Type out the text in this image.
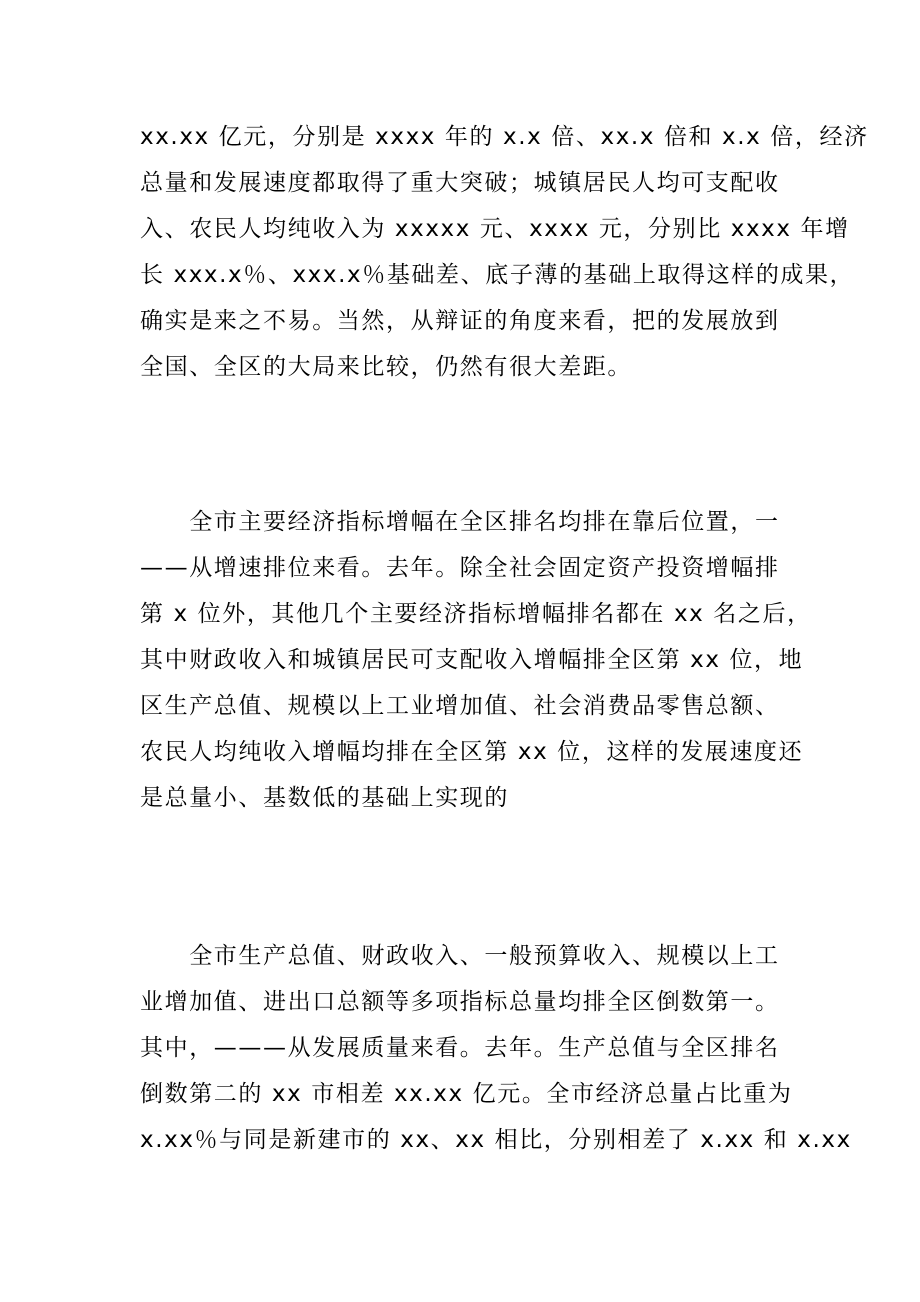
xx.xx 亿元，分别是 xxxx 年的 x.x 倍、xx.x 倍和 x.x 倍，经济
总量和发展速度都取得了重大突破；城镇居民人均可支配收
入、农民人均纯收入为 xxxxx 元、xxxx 元，分别比 xxxx 年增
长 xxx.x％、xxx.x％基础差、底子薄的基础上取得这样的成果，
确实是来之不易。当然，从辩证的角度来看，把的发展放到
全国、全区的大局来比较，仍然有很大差距。
　　全市主要经济指标增幅在全区排名均排在靠后位置，一
——从增速排位来看。去年。除全社会固定资产投资增幅排
第 x 位外，其他几个主要经济指标增幅排名都在 xx 名之后，
其中财政收入和城镇居民可支配收入增幅排全区第 xx 位，地
区生产总值、规模以上工业增加值、社会消费品零售总额、
农民人均纯收入增幅均排在全区第 xx 位，这样的发展速度还
是总量小、基数低的基础上实现的
　　全市生产总值、财政收入、一般预算收入、规模以上工
业增加值、进出口总额等多项指标总量均排全区倒数第一。
其中，———从发展质量来看。去年。生产总值与全区排名
倒数第二的 xx 市相差 xx.xx 亿元。全市经济总量占比重为
x.xx％与同是新建市的 xx、xx 相比，分别相差了 x.xx 和 x.xx
